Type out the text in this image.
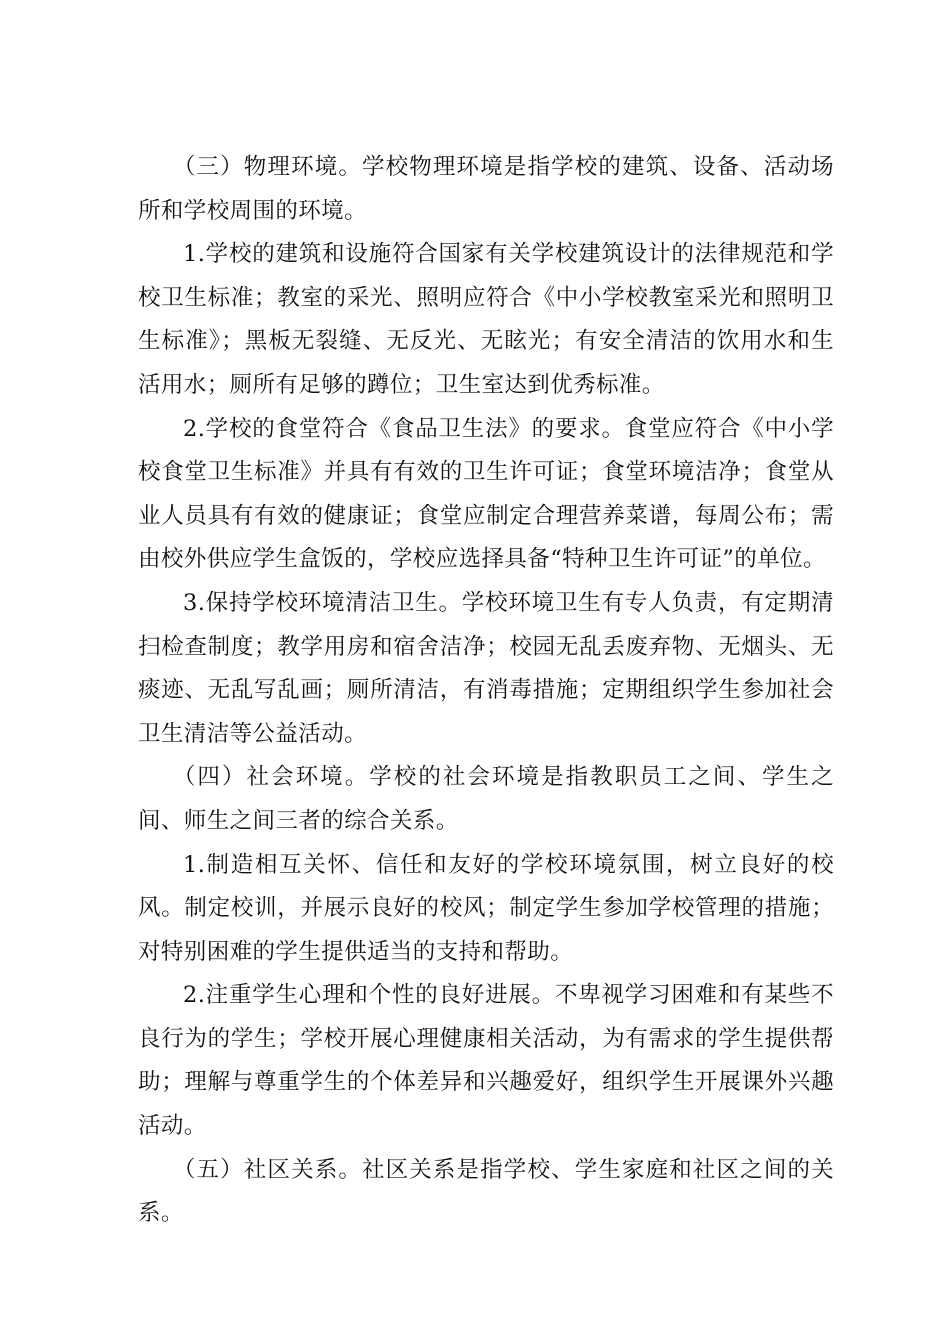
（三）物理环境。学校物理环境是指学校的建筑、设备、活动场所和学校周围的环境。

1.学校的建筑和设施符合国家有关学校建筑设计的法律规范和学校卫生标准；教室的采光、照明应符合《中小学校教室采光和照明卫生标准》；黑板无裂缝、无反光、无眩光；有安全清洁的饮用水和生活用水；厕所有足够的蹲位；卫生室达到优秀标准。

2.学校的食堂符合《食品卫生法》的要求。食堂应符合《中小学校食堂卫生标准》并具有有效的卫生许可证；食堂环境洁净；食堂从业人员具有有效的健康证；食堂应制定合理营养菜谱，每周公布；需由校外供应学生盒饭的，学校应选择具备“特种卫生许可证”的单位。

3.保持学校环境清洁卫生。学校环境卫生有专人负责，有定期清扫检查制度；教学用房和宿舍洁净；校园无乱丢废弃物、无烟头、无痰迹、无乱写乱画；厕所清洁，有消毒措施；定期组织学生参加社会卫生清洁等公益活动。

（四）社会环境。学校的社会环境是指教职员工之间、学生之间、师生之间三者的综合关系。

1.制造相互关怀、信任和友好的学校环境氛围，树立良好的校风。制定校训，并展示良好的校风；制定学生参加学校管理的措施；对特别困难的学生提供适当的支持和帮助。

2.注重学生心理和个性的良好进展。不卑视学习困难和有某些不良行为的学生；学校开展心理健康相关活动，为有需求的学生提供帮助；理解与尊重学生的个体差异和兴趣爱好，组织学生开展课外兴趣活动。

（五）社区关系。社区关系是指学校、学生家庭和社区之间的关系。
